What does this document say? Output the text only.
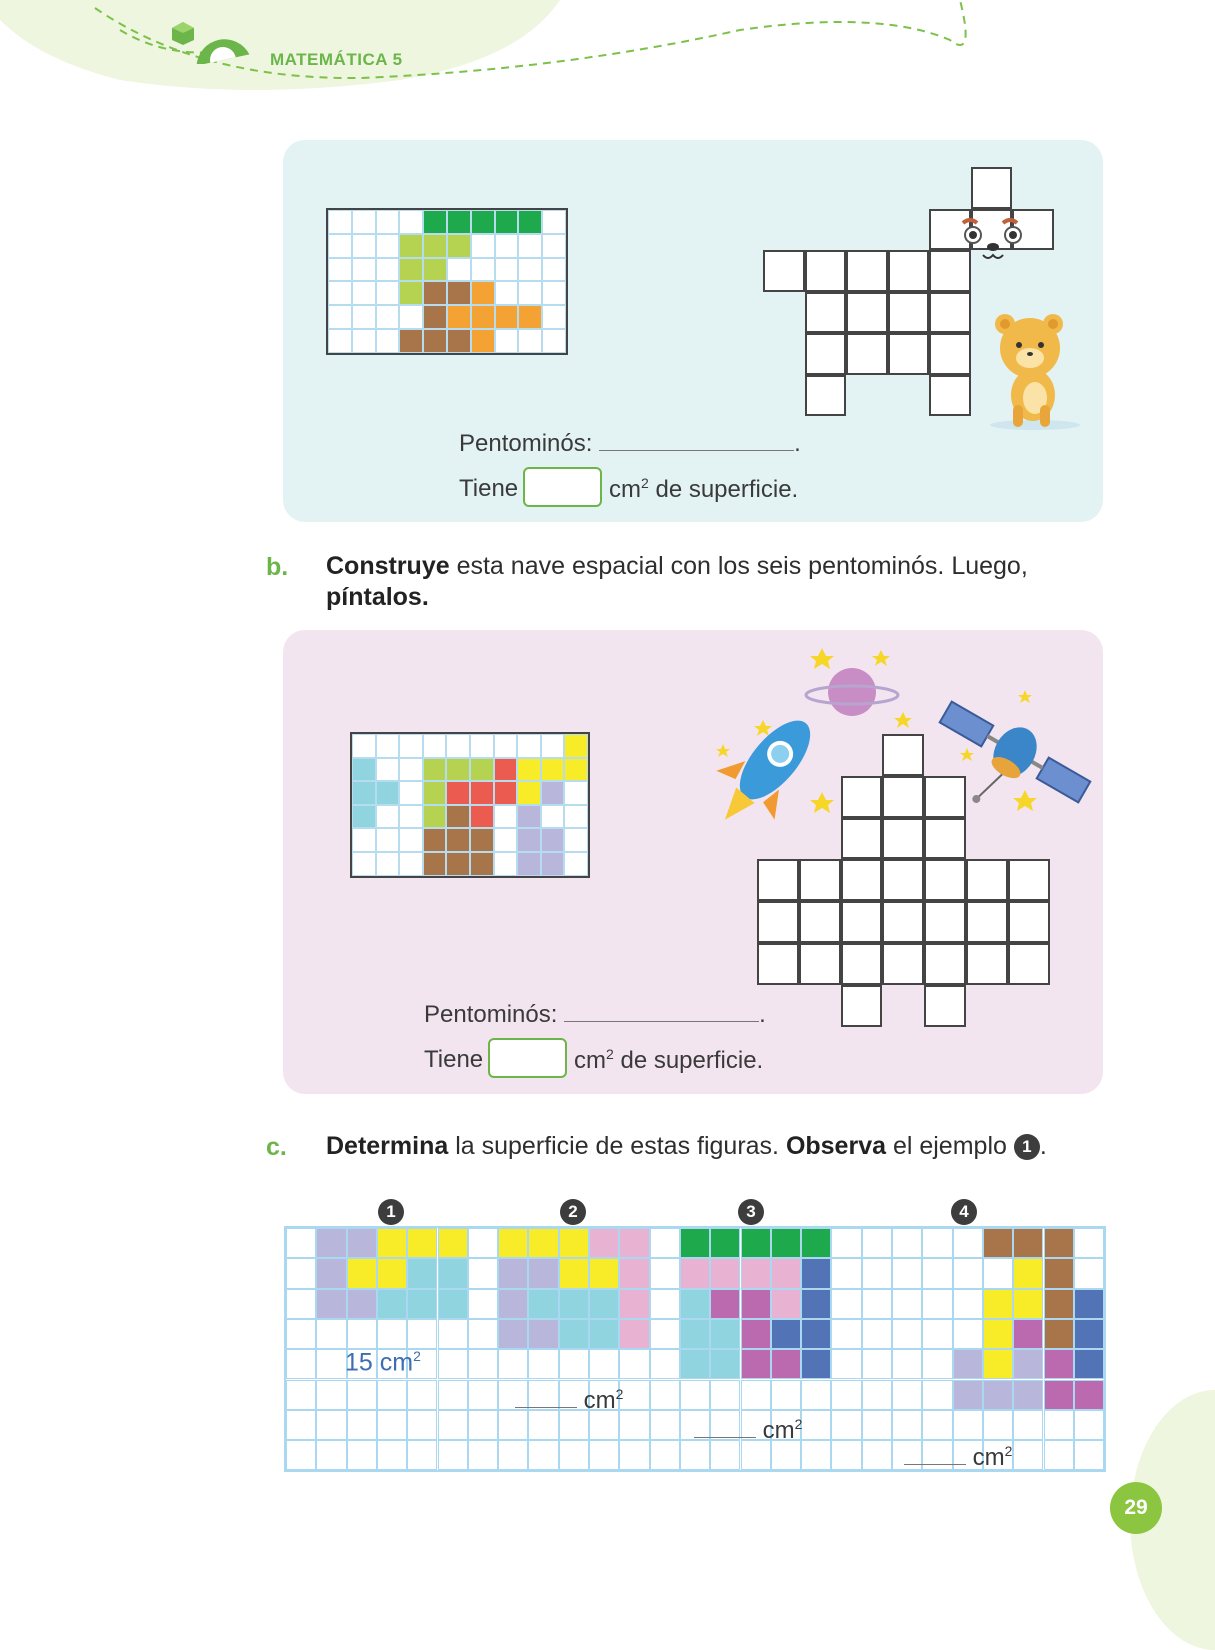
MATEMÁTICA 5
Pentominós:	.
Tiene	$cm^2$ de superficie.
b. Construye esta nave espacial con los seis pentominós. Luego,
píntalos.
Pentominós:	.
Tiene	$cm^2$ de superficie.
c. Determina la superficie de estas figuras. Observa el ejemplo 1 .
1	2	3	4
15 $cm^2$
$cm^2$
$cm^2$
$cm^2$
29
